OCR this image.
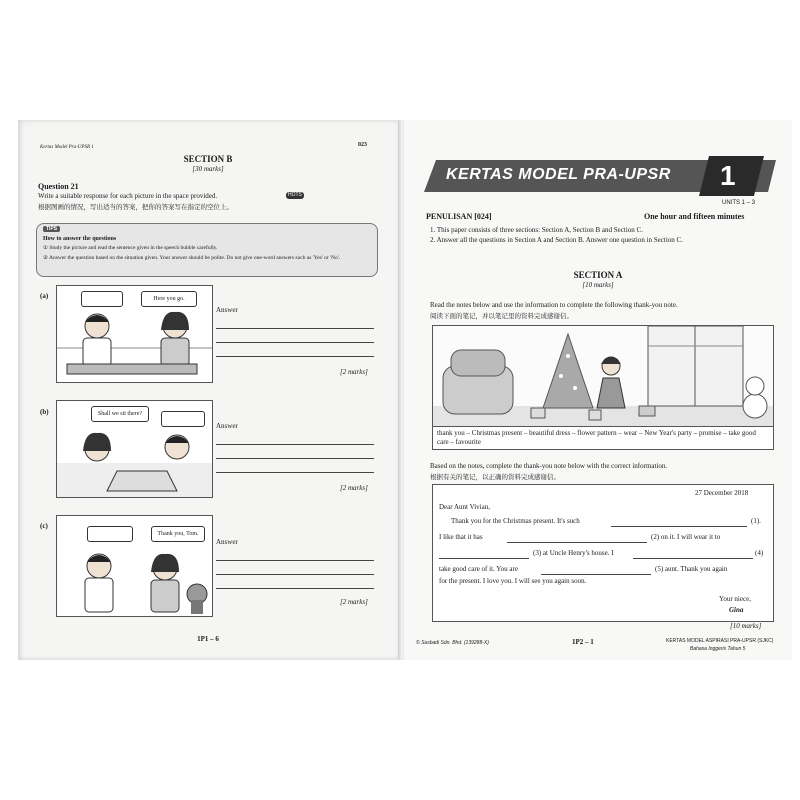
Kertas Model Pra-UPSR 1	023
SECTION B
[30 marks]
Question 21
Write a suitable response for each picture in the space provided.	HOTS
根据图画的情况，写出适当的答案，把你的答案写在指定的空位上。
TIPS
How to answer the questions
① Study the picture and read the sentence given in the speech bubble carefully.
② Answer the question based on the situation given. Your answer should be polite. Do not give one-word answers such as 'Yes' or 'No'.
(a)	Here you go.
Answer
[2 marks]
(b)	Shall we sit there?
Answer
[2 marks]
(c)
Thank you, Tom.
Answer
[2 marks]
1P1 – 6
KERTAS MODEL PRA-UPSR 1
UNITS 1 – 3
PENULISAN [024]	One hour and fifteen minutes
1. This paper consists of three sections: Section A, Section B and Section C.
2. Answer all the questions in Section A and Section B. Answer one question in Section C.
SECTION A
[10 marks]
Read the notes below and use the information to complete the following thank-you note.
阅读下面的笔记，并以笔记里的资料完成感谢信。
thank you – Christmas present – beautiful dress – flower pattern – wear – New Year's party – promise – take good care – favourite
Based on the notes, complete the thank-you note below with the correct information.
根据有关的笔记，以正确的资料完成感谢信。
27 December 2018
Dear Aunt Vivian,
Thank you for the Christmas present. It's such	(1).
I like that it has	(2) on it. I will wear it to
(3) at Uncle Henry's house. I	(4)
take good care of it. You are	(5) aunt. Thank you again
for the present. I love you. I will see you again soon.
Your niece,
Gina
[10 marks]
© Sasbadi Sdn. Bhd. (139288-X)	1P2 – 1	KERTAS MODEL ASPIRASI PRA-UPSR (SJKC)
Bahasa Inggeris Tahun 5
